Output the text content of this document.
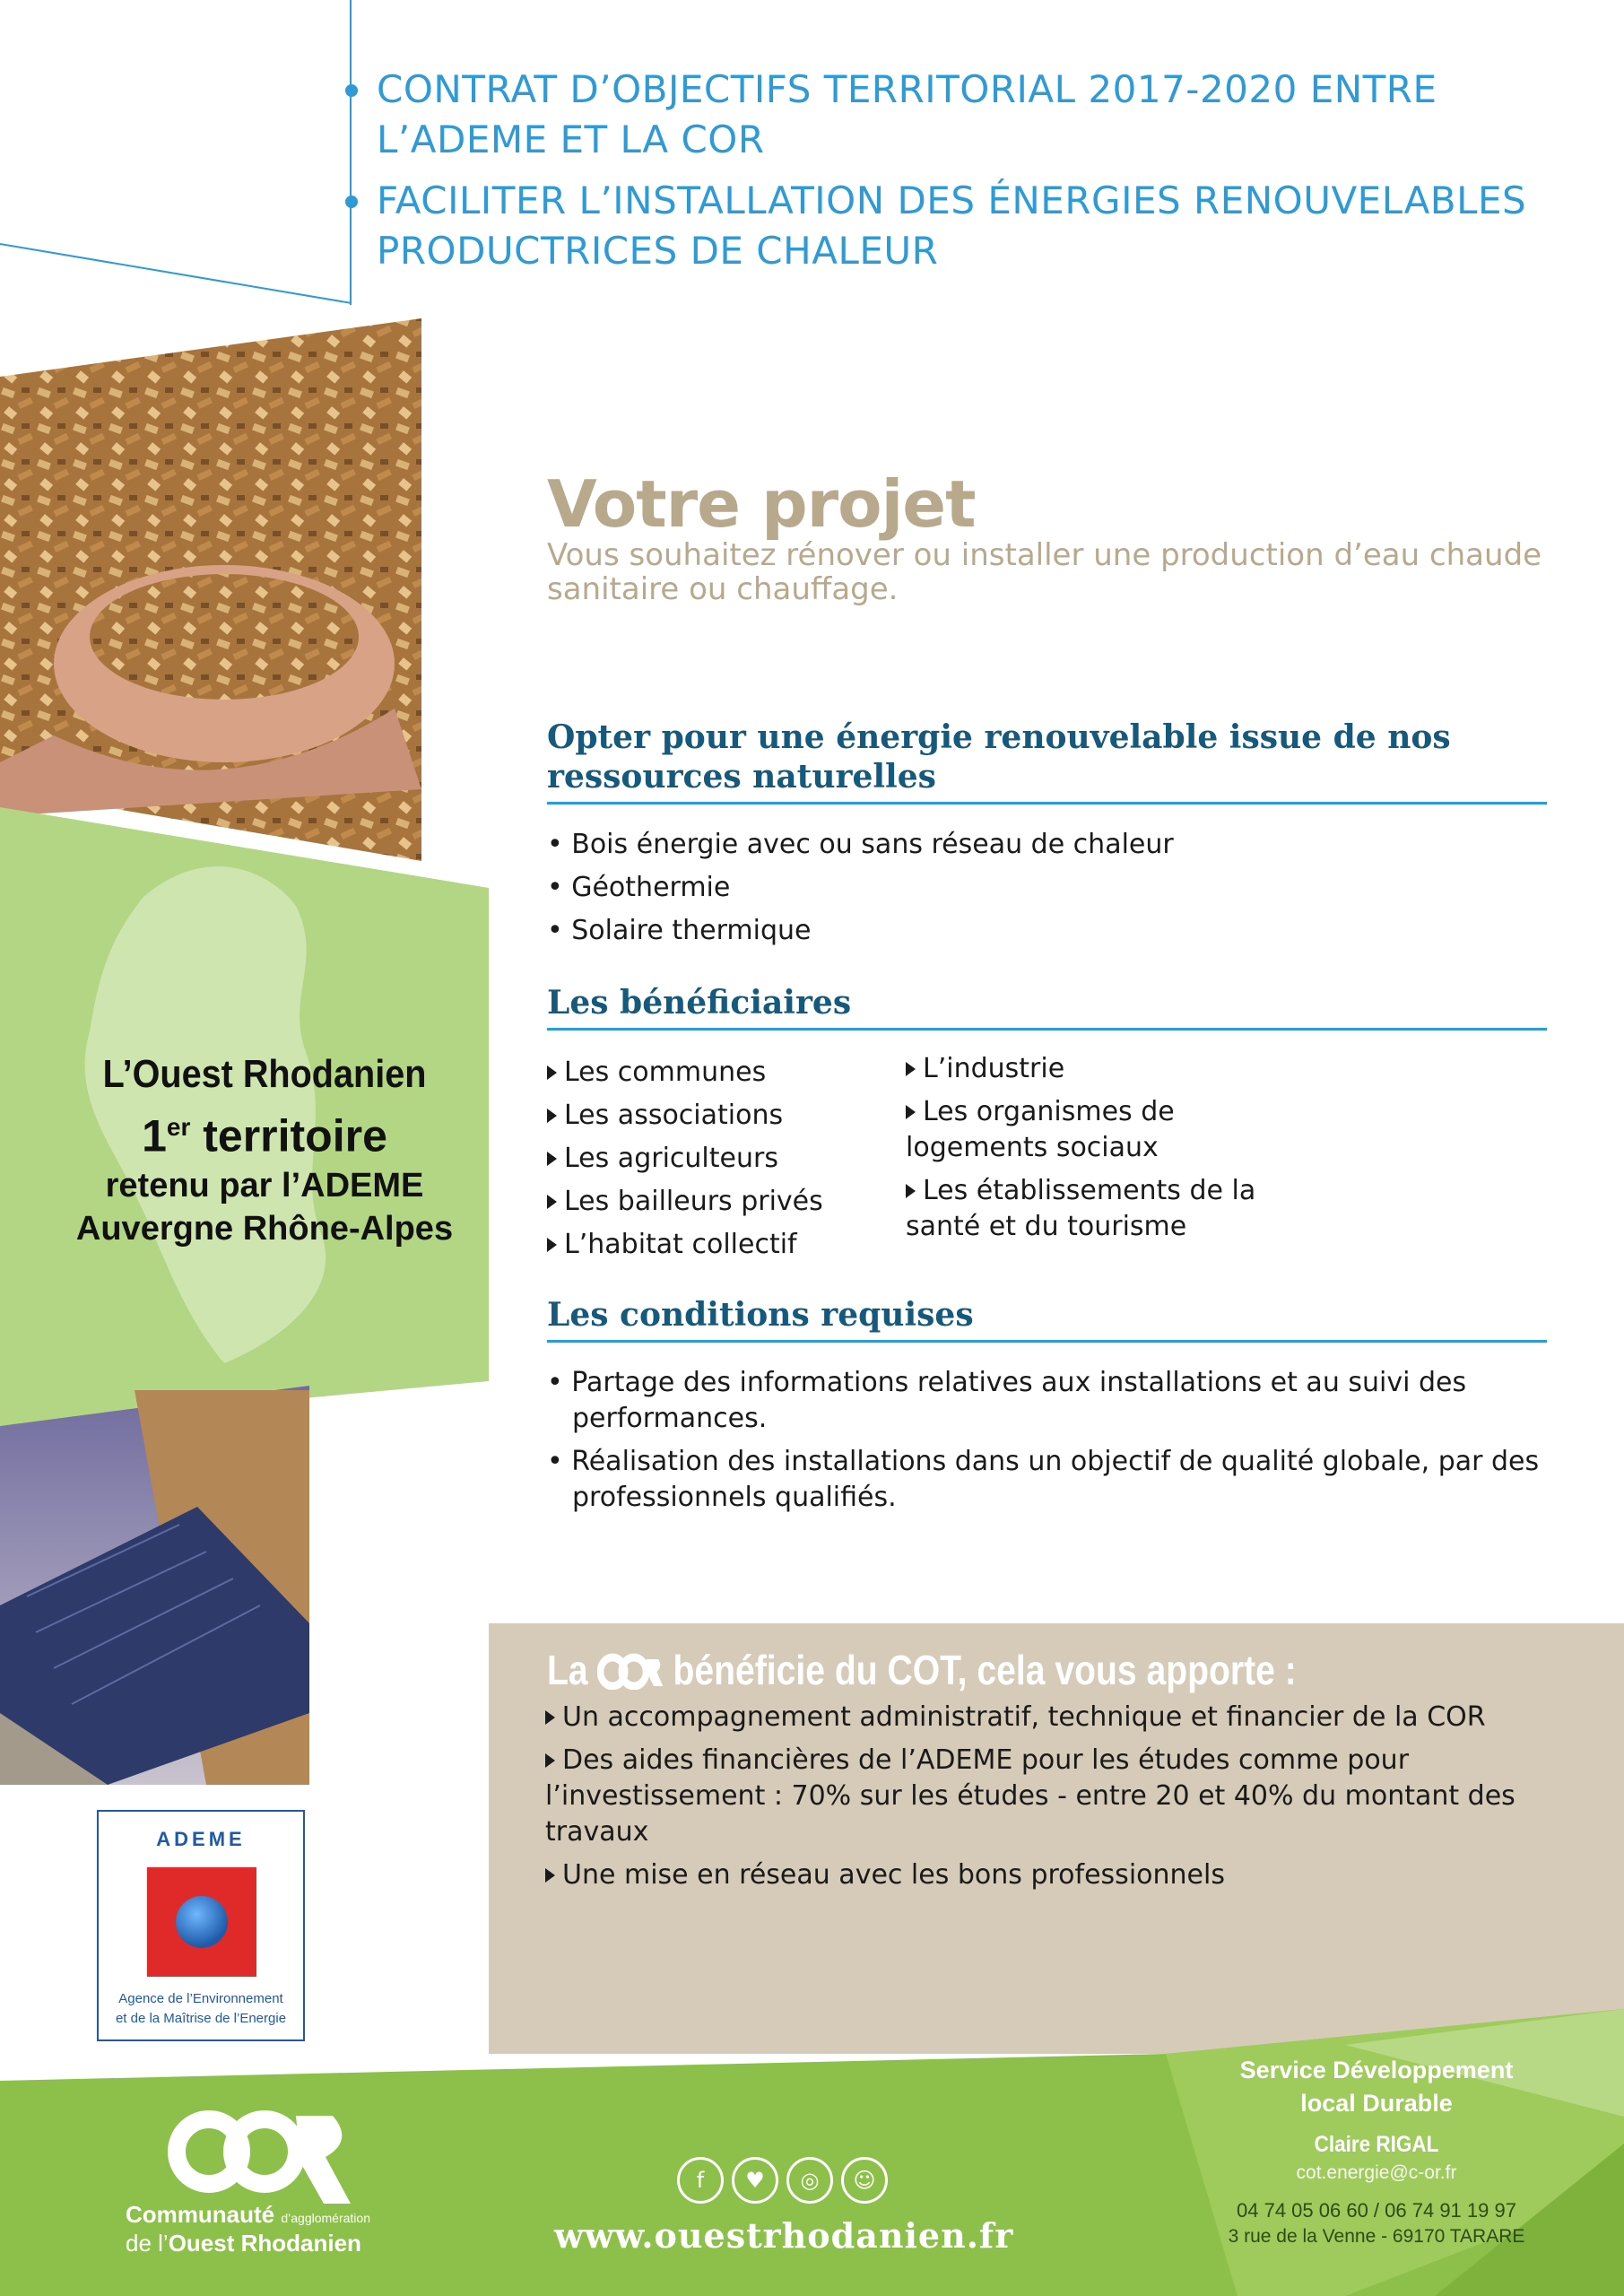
CONTRAT D’OBJECTIFS TERRITORIAL 2017-2020 ENTRE
L’ADEME ET LA COR
FACILITER L’INSTALLATION DES ÉNERGIES RENOUVELABLES
PRODUCTRICES DE CHALEUR
L’Ouest Rhodanien
1er territoire
retenu par l’ADEME
Auvergne Rhône-Alpes
ADEME
Agence de l’Environnement
et de la Maîtrise de l’Energie
Votre projet
Vous souhaitez rénover ou installer une production d’eau chaude sanitaire ou chauffage.
Opter pour une énergie renouvelable issue de nos
ressources naturelles
• Bois énergie avec ou sans réseau de chaleur
• Géothermie
• Solaire thermique
Les bénéficiaires
Les communes
Les associations
Les agriculteurs
Les bailleurs privés
L’habitat collectif
L’industrie
Les organismes de
logements sociaux
Les établissements de la
santé et du tourisme
Les conditions requises
• Partage des informations relatives aux installations et au suivi des performances.
• Réalisation des installations dans un objectif de qualité globale, par des professionnels qualifiés.
La bénéficie du COT, cela vous apporte :
Un accompagnement administratif, technique et financier de la COR
Des aides financières de l’ADEME pour les études comme pour l’investissement : 70% sur les études - entre 20 et 40% du montant des travaux
Une mise en réseau avec les bons professionnels
Communauté d’agglomération
de l’Ouest Rhodanien
f ♥ ◎ ☺
www.ouestrhodanien.fr
Service Développement
local Durable
Claire RIGAL
cot.energie@c-or.fr
04 74 05 06 60 / 06 74 91 19 97
3 rue de la Venne - 69170 TARARE
